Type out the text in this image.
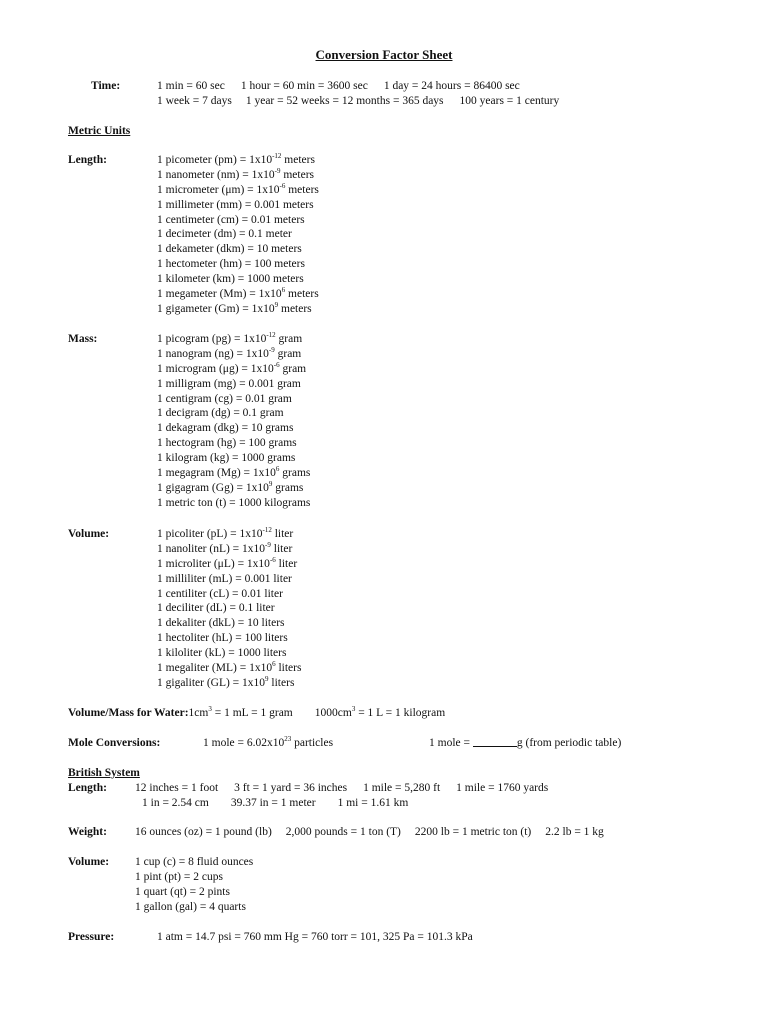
Conversion Factor Sheet
Time:	1 min = 60 sec 1 hour = 60 min = 3600 sec 1 day = 24 hours = 86400 sec
1 week = 7 days 1 year = 52 weeks = 12 months = 365 days 100 years = 1 century
Metric Units
Length:	1 picometer $(pm) = 1x10^{-12}$ meters
1 nanometer $(nm) = 1x10^{-9}$ meters
1 micrometer $(\mu m) = 1x10^{-6}$ meters
1 millimeter (mm) = 0.001 meters
1 centimeter (cm) = 0.01 meters
1 decimeter (dm) = 0.1 meter
1 dekameter (dkm) = 10 meters
1 hectometer (hm) = 100 meters
1 kilometer (km) = 1000 meters
1 megameter $(Mm) = 1x10^6$ meters
1 gigameter $(Gm) = 1x10^9$ meters
Mass:	1 picogram $(pg) = 1x10^{-12}$ gram
1 nanogram $(ng) = 1x10^{-9}$ gram
1 microgram $(\mu g) = 1x10^{-6}$ gram
1 milligram (mg) = 0.001 gram
1 centigram (cg) = 0.01 gram
1 decigram (dg) = 0.1 gram
1 dekagram (dkg) = 10 grams
1 hectogram (hg) = 100 grams
1 kilogram (kg) = 1000 grams
1 megagram $(Mg) = 1x10^6$ grams
1 gigagram $(Gg) = 1x10^9$ grams
1 metric ton (t) = 1000 kilograms
Volume:	1 picoliter $(pL) = 1x10^{-12}$ liter
1 nanoliter $(nL) = 1x10^{-9}$ liter
1 microliter $(\mu L) = 1x10^{-6}$ liter
1 milliliter (mL) = 0.001 liter
1 centiliter (cL) = 0.01 liter
1 deciliter (dL) = 0.1 liter
1 dekaliter (dkL) = 10 liters
1 hectoliter (hL) = 100 liters
1 kiloliter (kL) = 1000 liters
1 megaliter $(ML) = 1x10^6$ liters
1 gigaliter $(GL) = 1x10^9$ liters
Volume/Mass for $Water:1cm^3 = 1$ mL = 1 gram $1000cm^3 = 1$ L = 1 kilogram
Mole Conversions:	1 mole = $6.02x10^{23}$ particles	1 mole =	g (from periodic table)
British System
Length: 12 inches = 1 foot 3 ft = 1 yard = 36 inches 1 mile = 5,280 ft 1 mile = 1760 yards
1 in = 2.54 cm 39.37 in = 1 meter 1 mi = 1.61 km
Weight: 16 ounces (oz) = 1 pound (lb) 2,000 pounds = 1 ton (T) 2200 lb = 1 metric ton (t) 2.2 lb = 1 kg
Volume: 1 cup (c) = 8 fluid ounces
1 pint (pt) = 2 cups
1 quart (qt) = 2 pints
1 gallon (gal) = 4 quarts
Pressure:	1 atm = 14.7 psi = 760 mm Hg = 760 torr = 101, 325 Pa = 101.3 kPa
